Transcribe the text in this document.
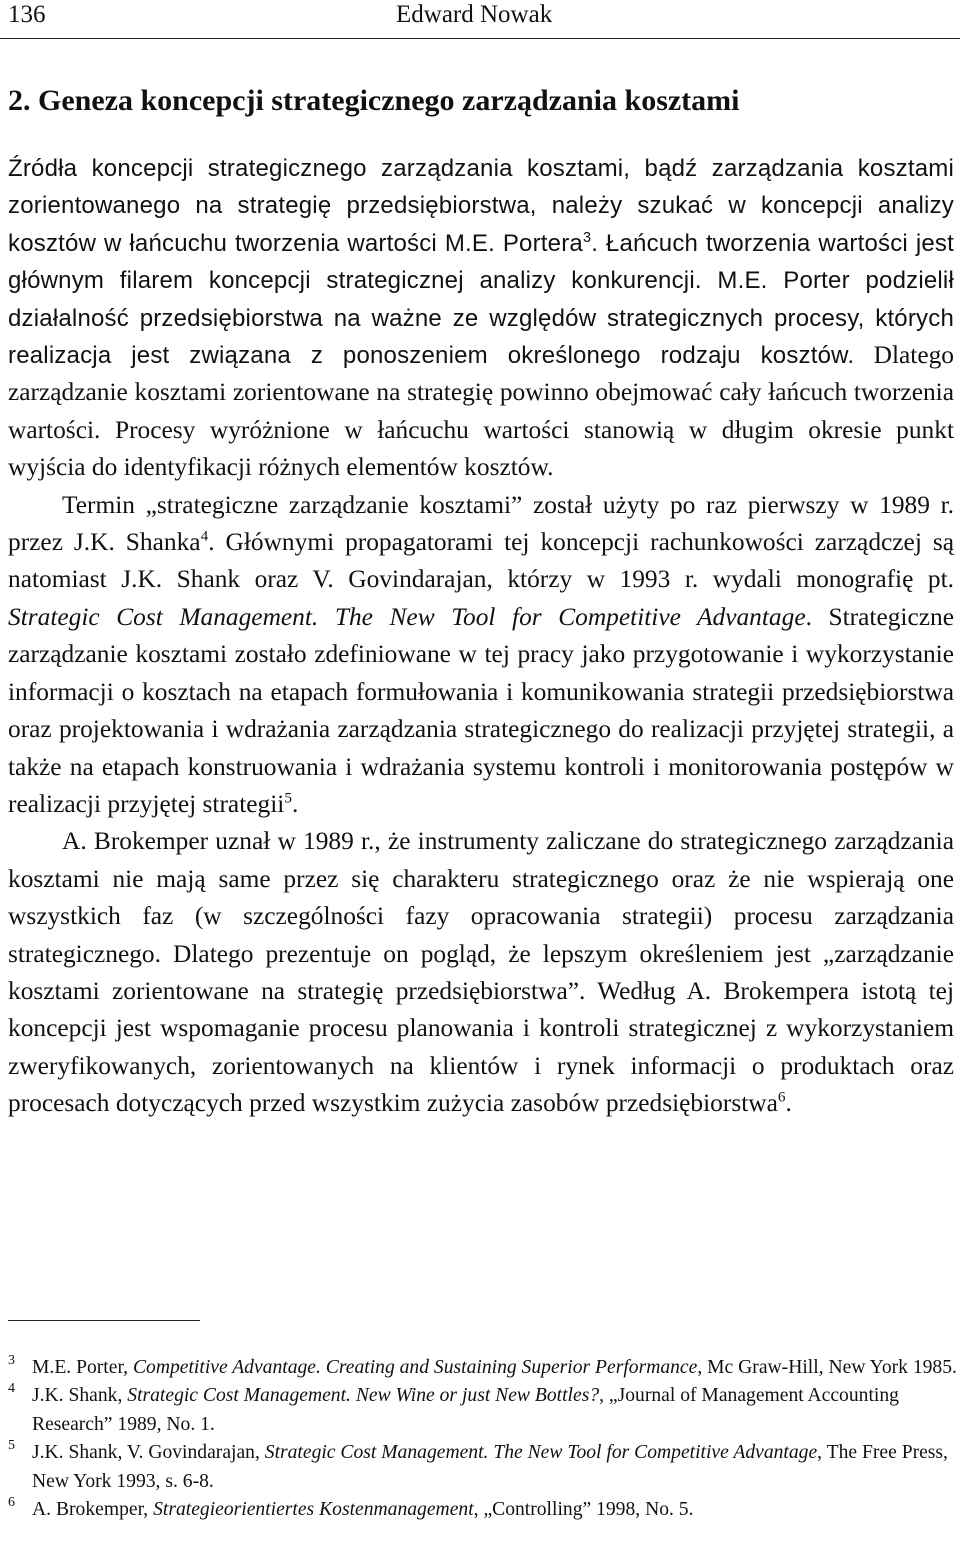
136	Edward Nowak
2. Geneza koncepcji strategicznego zarządzania kosztami

Źródła koncepcji strategicznego zarządzania kosztami, bądź zarządzania kosztami zorientowanego na strategię przedsiębiorstwa, należy szukać w koncepcji analizy kosztów w łańcuchu tworzenia wartości M.E. Portera$^3$. Łańcuch tworzenia wartości jest głównym filarem koncepcji strategicznej analizy konkurencji. M.E. Porter podzielił działalność przedsiębiorstwa na ważne ze względów strategicznych procesy, których realizacja jest związana z ponoszeniem określonego rodzaju kosztów. Dlatego zarządzanie kosztami zorientowane na strategię powinno obejmować cały łańcuch tworzenia wartości. Procesy wyróżnione w łańcuchu wartości stanowią w długim okresie punkt wyjścia do identyfikacji różnych elementów kosztów.

Termin „strategiczne zarządzanie kosztami” został użyty po raz pierwszy w 1989 r. przez J.K. Shanka$^4$. Głównymi propagatorami tej koncepcji rachunkowości zarządczej są natomiast J.K. Shank oraz V. Govindarajan, którzy w 1993 r. wydali monografię pt. Strategic Cost Management. The New Tool for Competitive Advantage. Strategiczne zarządzanie kosztami zostało zdefiniowane w tej pracy jako przygotowanie i wykorzystanie informacji o kosztach na etapach formułowania i komunikowania strategii przedsiębiorstwa oraz projektowania i wdrażania zarządzania strategicznego do realizacji przyjętej strategii, a także na etapach konstruowania i wdrażania systemu kontroli i monitorowania postępów w realizacji przyjętej strategii$^5$.

A. Brokemper uznał w 1989 r., że instrumenty zaliczane do strategicznego zarządzania kosztami nie mają same przez się charakteru strategicznego oraz że nie wspierają one wszystkich faz (w szczególności fazy opracowania strategii) procesu zarządzania strategicznego. Dlatego prezentuje on pogląd, że lepszym określeniem jest „zarządzanie kosztami zorientowane na strategię przedsiębiorstwa”. Według A. Brokempera istotą tej koncepcji jest wspomaganie procesu planowania i kontroli strategicznej z wykorzystaniem zweryfikowanych, zorientowanych na klientów i rynek informacji o produktach oraz procesach dotyczących przed wszystkim zużycia zasobów przedsiębiorstwa$^6$.

3 M.E. Porter, Competitive Advantage. Creating and Sustaining Superior Performance, Mc Graw-Hill, New York 1985.
4 J.K. Shank, Strategic Cost Management. New Wine or just New Bottles?, „Journal of Management Accounting Research” 1989, No. 1.
5 J.K. Shank, V. Govindarajan, Strategic Cost Management. The New Tool for Competitive Advantage, The Free Press, New York 1993, s. 6-8.
6 A. Brokemper, Strategieorientiertes Kostenmanagement, „Controlling” 1998, No. 5.
